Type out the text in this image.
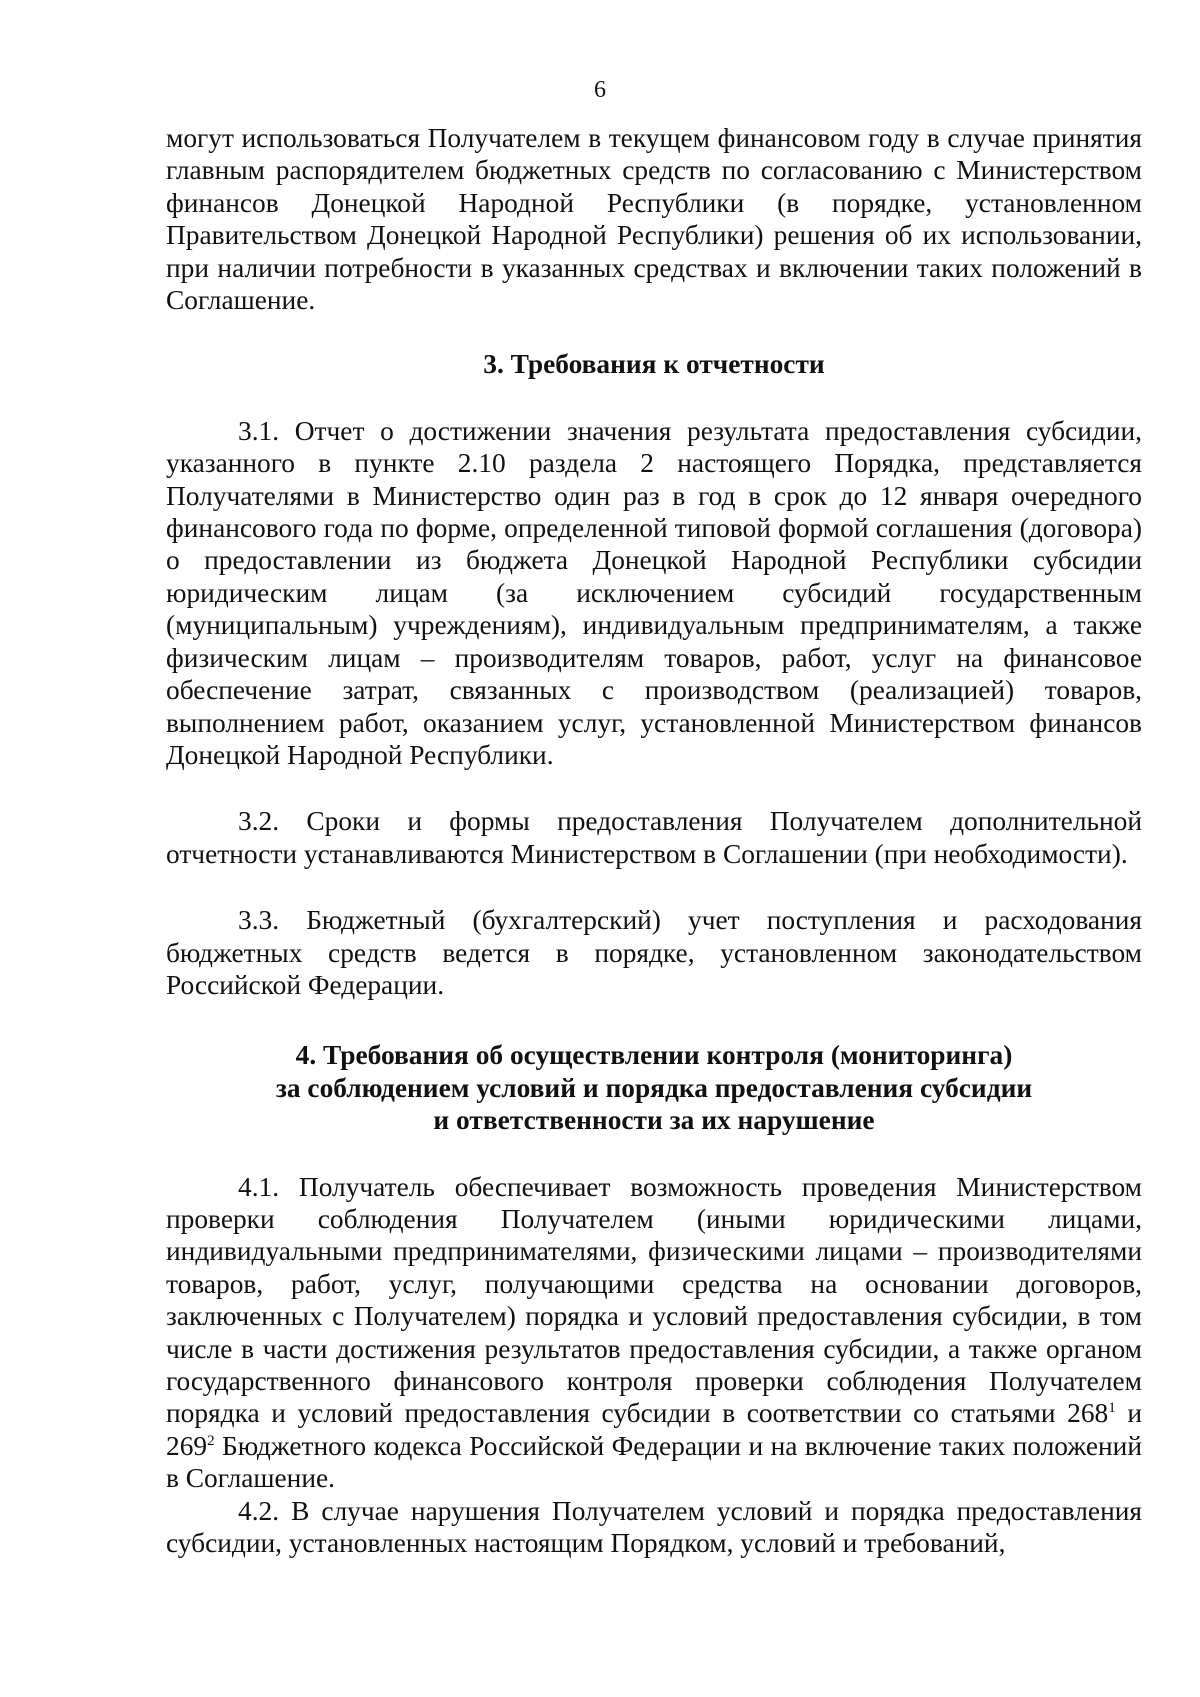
6

могут использоваться Получателем в текущем финансовом году в случае принятия главным распорядителем бюджетных средств по согласованию с Министерством финансов Донецкой Народной Республики (в порядке, установленном Правительством Донецкой Народной Республики) решения об их использовании, при наличии потребности в указанных средствах и включении таких положений в Соглашение.

3. Требования к отчетности

3.1. Отчет о достижении значения результата предоставления субсидии, указанного в пункте 2.10 раздела 2 настоящего Порядка, представляется Получателями в Министерство один раз в год в срок до 12 января очередного финансового года по форме, определенной типовой формой соглашения (договора) о предоставлении из бюджета Донецкой Народной Республики субсидии юридическим лицам (за исключением субсидий государственным (муниципальным) учреждениям), индивидуальным предпринимателям, а также физическим лицам – производителям товаров, работ, услуг на финансовое обеспечение затрат, связанных с производством (реализацией) товаров, выполнением работ, оказанием услуг, установленной Министерством финансов Донецкой Народной Республики.

3.2. Сроки и формы предоставления Получателем дополнительной отчетности устанавливаются Министерством в Соглашении (при необходимости).

3.3. Бюджетный (бухгалтерский) учет поступления и расходования бюджетных средств ведется в порядке, установленном законодательством Российской Федерации.

4. Требования об осуществлении контроля (мониторинга)
за соблюдением условий и порядка предоставления субсидии
и ответственности за их нарушение

4.1. Получатель обеспечивает возможность проведения Министерством проверки соблюдения Получателем (иными юридическими лицами, индивидуальными предпринимателями, физическими лицами – производителями товаров, работ, услуг, получающими средства на основании договоров, заключенных с Получателем) порядка и условий предоставления субсидии, в том числе в части достижения результатов предоставления субсидии, а также органом государственного финансового контроля проверки соблюдения Получателем порядка и условий предоставления субсидии в соответствии со статьями $268^1$ и $269^2$ Бюджетного кодекса Российской Федерации и на включение таких положений в Соглашение.

4.2. В случае нарушения Получателем условий и порядка предоставления субсидии, установленных настоящим Порядком, условий и требований,
